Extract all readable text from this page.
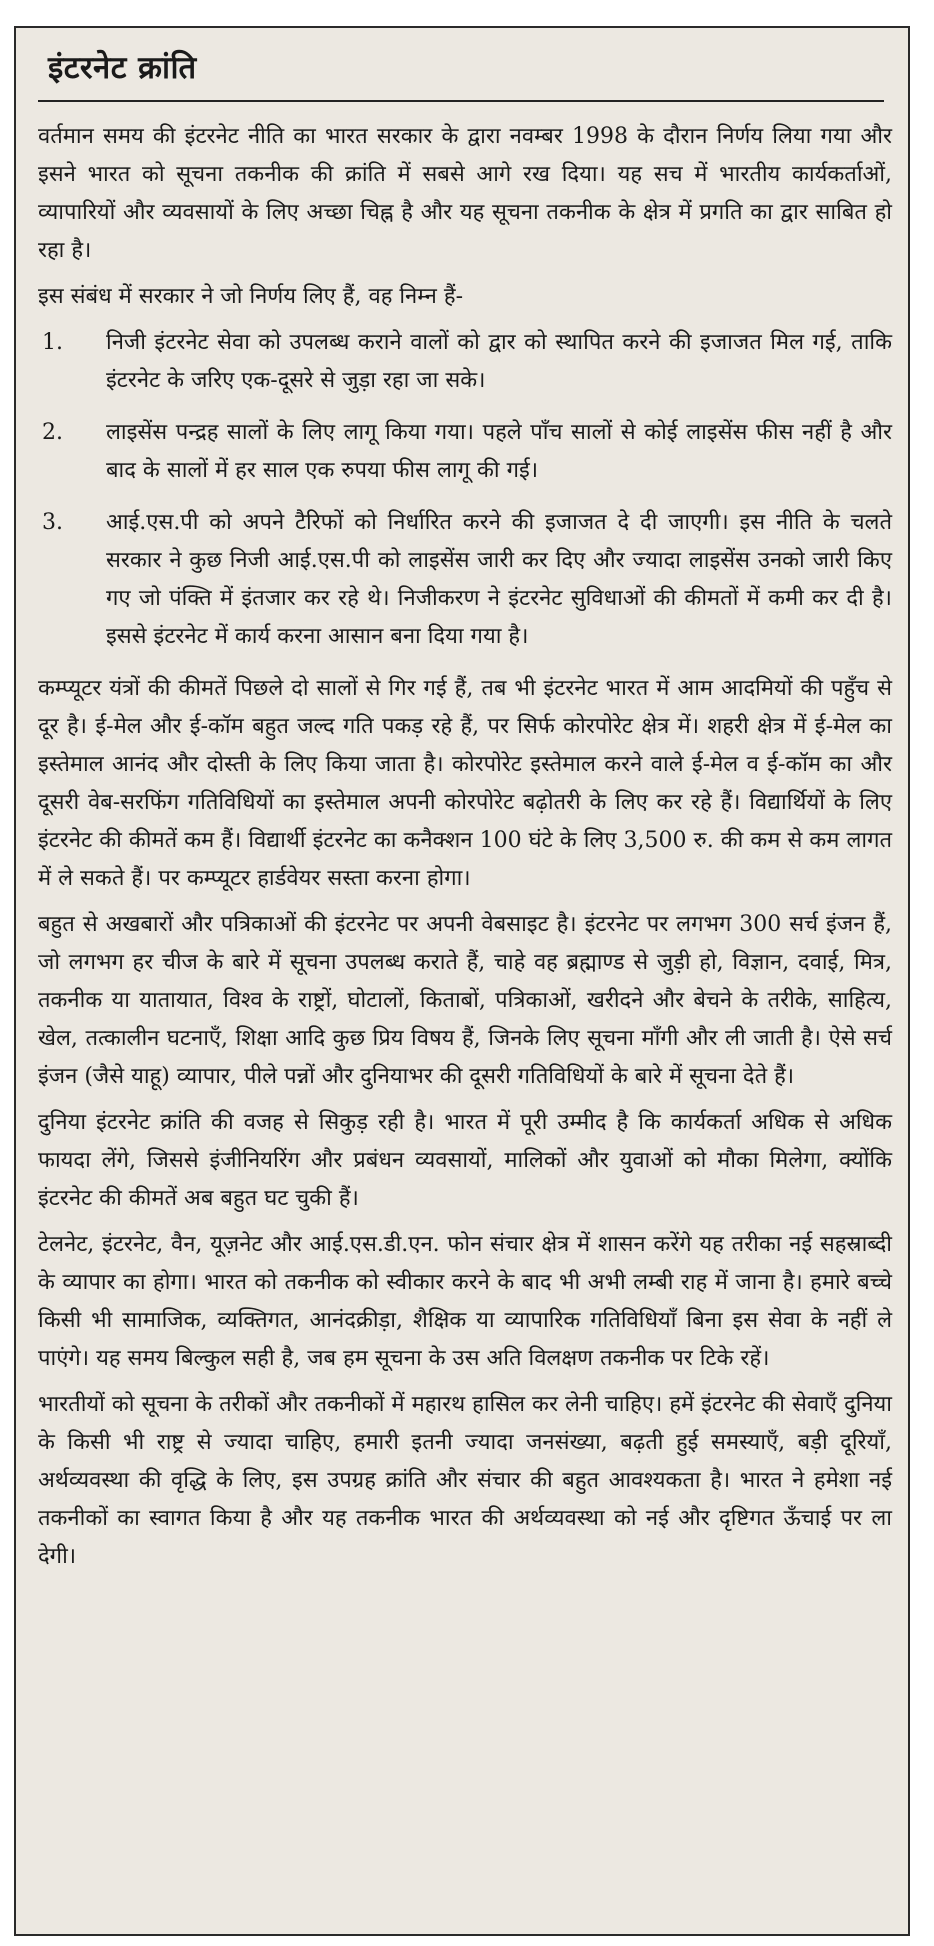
इंटरनेट क्रांति

वर्तमान समय की इंटरनेट नीति का भारत सरकार के द्वारा नवम्बर 1998 के दौरान निर्णय लिया गया और इसने भारत को सूचना तकनीक की क्रांति में सबसे आगे रख दिया। यह सच में भारतीय कार्यकर्ताओं, व्यापारियों और व्यवसायों के लिए अच्छा चिह्न है और यह सूचना तकनीक के क्षेत्र में प्रगति का द्वार साबित हो रहा है।

इस संबंध में सरकार ने जो निर्णय लिए हैं, वह निम्न हैं-

1. निजी इंटरनेट सेवा को उपलब्ध कराने वालों को द्वार को स्थापित करने की इजाजत मिल गई, ताकि इंटरनेट के जरिए एक-दूसरे से जुड़ा रहा जा सके।
2. लाइसेंस पन्द्रह सालों के लिए लागू किया गया। पहले पाँच सालों से कोई लाइसेंस फीस नहीं है और बाद के सालों में हर साल एक रुपया फीस लागू की गई।
3. आई.एस.पी को अपने टैरिफों को निर्धारित करने की इजाजत दे दी जाएगी। इस नीति के चलते सरकार ने कुछ निजी आई.एस.पी को लाइसेंस जारी कर दिए और ज्यादा लाइसेंस उनको जारी किए गए जो पंक्ति में इंतजार कर रहे थे। निजीकरण ने इंटरनेट सुविधाओं की कीमतों में कमी कर दी है। इससे इंटरनेट में कार्य करना आसान बना दिया गया है।

कम्प्यूटर यंत्रों की कीमतें पिछले दो सालों से गिर गई हैं, तब भी इंटरनेट भारत में आम आदमियों की पहुँच से दूर है। ई-मेल और ई-कॉम बहुत जल्द गति पकड़ रहे हैं, पर सिर्फ कोरपोरेट क्षेत्र में। शहरी क्षेत्र में ई-मेल का इस्तेमाल आनंद और दोस्ती के लिए किया जाता है। कोरपोरेट इस्तेमाल करने वाले ई-मेल व ई-कॉम का और दूसरी वेब-सरफिंग गतिविधियों का इस्तेमाल अपनी कोरपोरेट बढ़ोतरी के लिए कर रहे हैं। विद्यार्थियों के लिए इंटरनेट की कीमतें कम हैं। विद्यार्थी इंटरनेट का कनैक्शन 100 घंटे के लिए 3,500 रु. की कम से कम लागत में ले सकते हैं। पर कम्प्यूटर हार्डवेयर सस्ता करना होगा।

बहुत से अखबारों और पत्रिकाओं की इंटरनेट पर अपनी वेबसाइट है। इंटरनेट पर लगभग 300 सर्च इंजन हैं, जो लगभग हर चीज के बारे में सूचना उपलब्ध कराते हैं, चाहे वह ब्रह्माण्ड से जुड़ी हो, विज्ञान, दवाई, मित्र, तकनीक या यातायात, विश्व के राष्ट्रों, घोटालों, किताबों, पत्रिकाओं, खरीदने और बेचने के तरीके, साहित्य, खेल, तत्कालीन घटनाएँ, शिक्षा आदि कुछ प्रिय विषय हैं, जिनके लिए सूचना माँगी और ली जाती है। ऐसे सर्च इंजन (जैसे याहू) व्यापार, पीले पन्नों और दुनियाभर की दूसरी गतिविधियों के बारे में सूचना देते हैं।

दुनिया इंटरनेट क्रांति की वजह से सिकुड़ रही है। भारत में पूरी उम्मीद है कि कार्यकर्ता अधिक से अधिक फायदा लेंगे, जिससे इंजीनियरिंग और प्रबंधन व्यवसायों, मालिकों और युवाओं को मौका मिलेगा, क्योंकि इंटरनेट की कीमतें अब बहुत घट चुकी हैं।

टेलनेट, इंटरनेट, वैन, यूज़नेट और आई.एस.डी.एन. फोन संचार क्षेत्र में शासन करेंगे यह तरीका नई सहस्राब्दी के व्यापार का होगा। भारत को तकनीक को स्वीकार करने के बाद भी अभी लम्बी राह में जाना है। हमारे बच्चे किसी भी सामाजिक, व्यक्तिगत, आनंदक्रीड़ा, शैक्षिक या व्यापारिक गतिविधियाँ बिना इस सेवा के नहीं ले पाएंगे। यह समय बिल्कुल सही है, जब हम सूचना के उस अति विलक्षण तकनीक पर टिके रहें।

भारतीयों को सूचना के तरीकों और तकनीकों में महारथ हासिल कर लेनी चाहिए। हमें इंटरनेट की सेवाएँ दुनिया के किसी भी राष्ट्र से ज्यादा चाहिए, हमारी इतनी ज्यादा जनसंख्या, बढ़ती हुई समस्याएँ, बड़ी दूरियाँ, अर्थव्यवस्था की वृद्धि के लिए, इस उपग्रह क्रांति और संचार की बहुत आवश्यकता है। भारत ने हमेशा नई तकनीकों का स्वागत किया है और यह तकनीक भारत की अर्थव्यवस्था को नई और दृष्टिगत ऊँचाई पर ला देगी।
